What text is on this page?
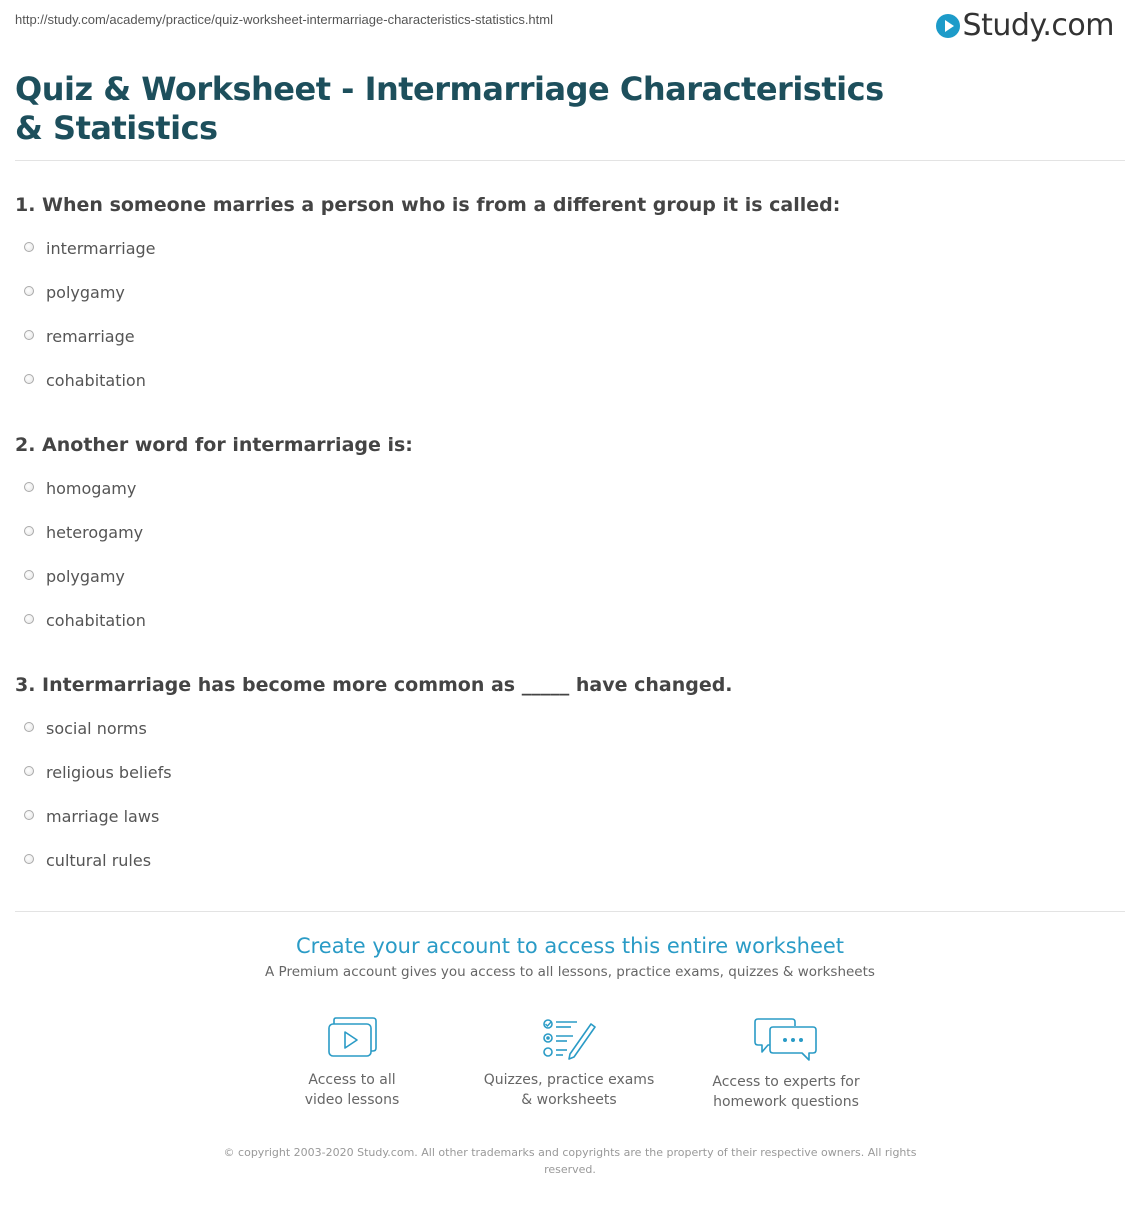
http://study.com/academy/practice/quiz-worksheet-intermarriage-characteristics-statistics.html	Study.com
Quiz & Worksheet - Intermarriage Characteristics & Statistics
1. When someone marries a person who is from a different group it is called:
intermarriage
polygamy
remarriage
cohabitation
2. Another word for intermarriage is:
homogamy
heterogamy
polygamy
cohabitation
3. Intermarriage has become more common as _____ have changed.
social norms
religious beliefs
marriage laws
cultural rules
Create your account to access this entire worksheet
A Premium account gives you access to all lessons, practice exams, quizzes & worksheets
Access to all
video lessons
Quizzes, practice exams
& worksheets
Access to experts for
homework questions
© copyright 2003-2020 Study.com. All other trademarks and copyrights are the property of their respective owners. All rights reserved.
